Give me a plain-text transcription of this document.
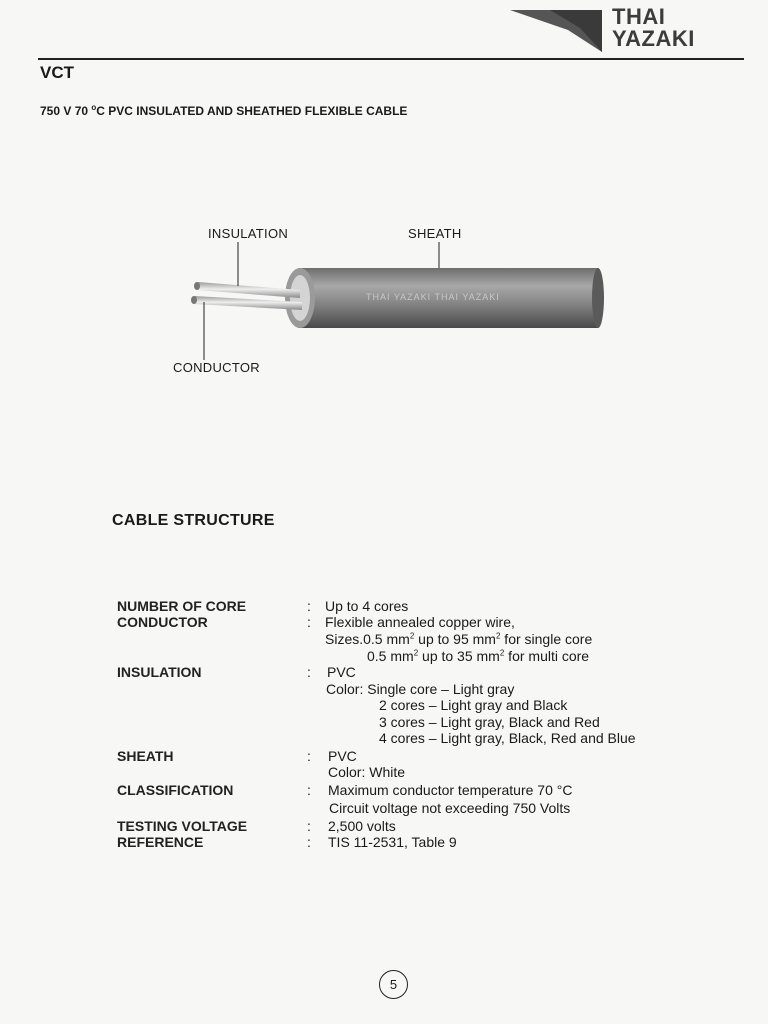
THAI
YAZAKI
VCT
750 V 70 $^o$C PVC INSULATED AND SHEATHED FLEXIBLE CABLE
THAI YAZAKI THAI YAZAKI
INSULATION	SHEATH
CONDUCTOR
CABLE STRUCTURE
NUMBER OF CORE	: Up to 4 cores
CONDUCTOR	: Flexible annealed copper wire,
Sizes.0.5 $mm^2$ up to 95 $mm^2$ for single core
0.5 $mm^2$ up to 35 $mm^2$ for multi core
INSULATION	: PVC
Color: Single core – Light gray
2 cores – Light gray and Black
3 cores – Light gray, Black and Red
4 cores – Light gray, Black, Red and Blue
SHEATH	: PVC
Color: White
CLASSIFICATION	: Maximum conductor temperature 70 °C
Circuit voltage not exceeding 750 Volts
TESTING VOLTAGE	: 2,500 volts
REFERENCE	: TIS 11-2531, Table 9
5
